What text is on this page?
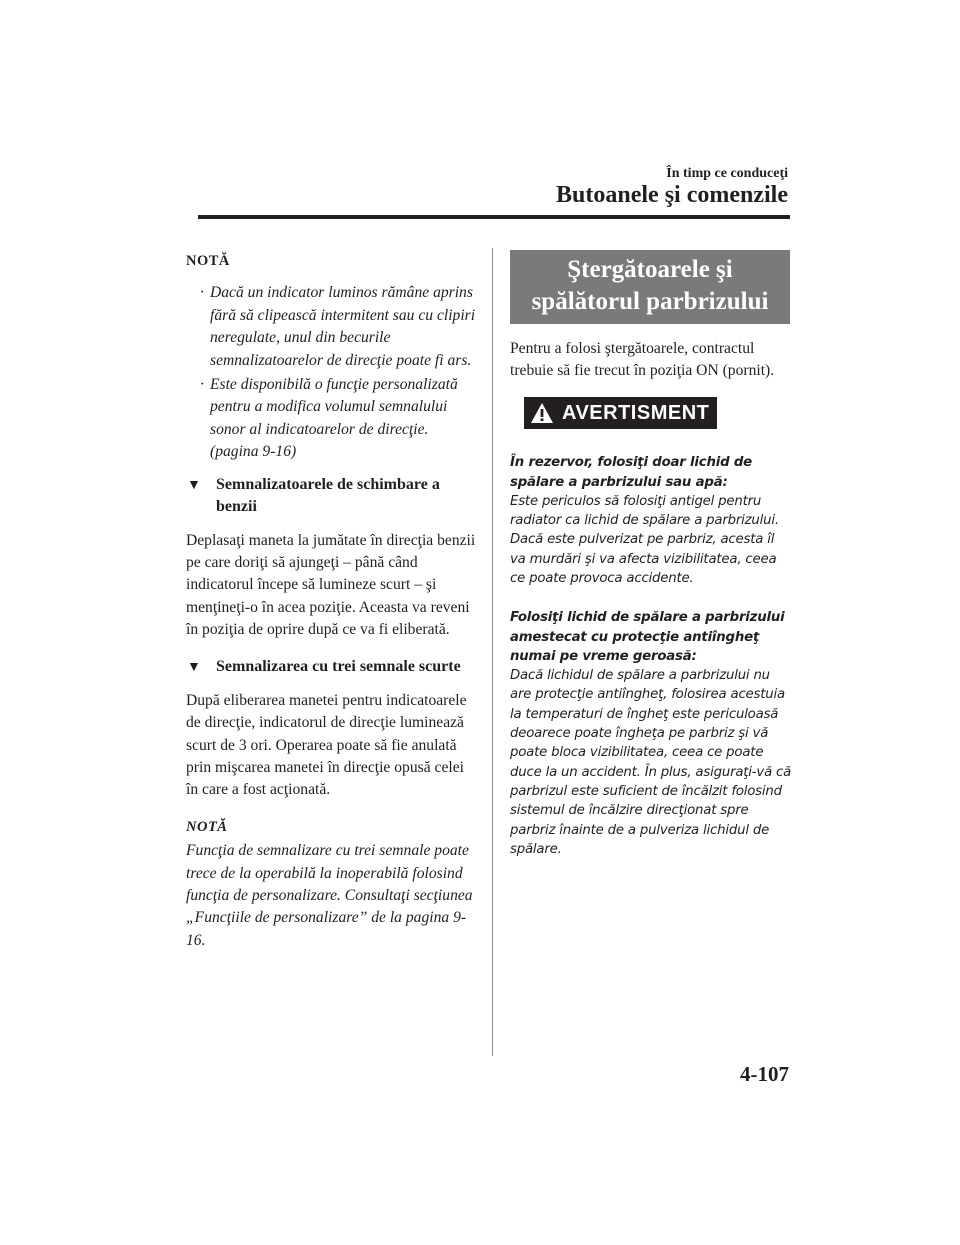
În timp ce conduceţi
Butoanele şi comenzile
NOTĂ
· Dacă un indicator luminos rămâne aprins fără să clipească intermitent sau cu clipiri neregulate, unul din becurile semnalizatoarelor de direcţie poate fi ars.
· Este disponibilă o funcţie personalizată pentru a modifica volumul semnalului sonor al indicatoarelor de direcţie. (pagina 9-16)
▼ Semnalizatoarele de schimbare a benzii

Deplasaţi maneta la jumătate în direcţia benzii pe care doriţi să ajungeţi – până când indicatorul începe să lumineze scurt – şi menţineţi-o în acea poziţie. Aceasta va reveni în poziţia de oprire după ce va fi eliberată.

▼ Semnalizarea cu trei semnale scurte

După eliberarea manetei pentru indicatoarele de direcţie, indicatorul de direcţie luminează scurt de 3 ori. Operarea poate să fie anulată prin mişcarea manetei în direcţie opusă celei în care a fost acţionată.

NOTĂ

Funcţia de semnalizare cu trei semnale poate trece de la operabilă la inoperabilă folosind funcţia de personalizare. Consultaţi secţiunea „Funcţiile de personalizare” de la pagina 9-16.

Ştergătoarele şi spălătorul parbrizului

Pentru a folosi ştergătoarele, contractul trebuie să fie trecut în poziţia ON (pornit).

AVERTISMENT
În rezervor, folosiţi doar lichid de spălare a parbrizului sau apă:
Este periculos să folosiţi antigel pentru radiator ca lichid de spălare a parbrizului. Dacă este pulverizat pe parbriz, acesta îl va murdări şi va afecta vizibilitatea, ceea ce poate provoca accidente.
Folosiţi lichid de spălare a parbrizului amestecat cu protecţie antiîngheţ numai pe vreme geroasă:
Dacă lichidul de spălare a parbrizului nu are protecţie antiîngheţ, folosirea acestuia la temperaturi de îngheţ este periculoasă deoarece poate îngheţa pe parbriz şi vă poate bloca vizibilitatea, ceea ce poate duce la un accident. În plus, asiguraţi-vă că parbrizul este suficient de încălzit folosind sistemul de încălzire direcţionat spre parbriz înainte de a pulveriza lichidul de spălare.
4-107
